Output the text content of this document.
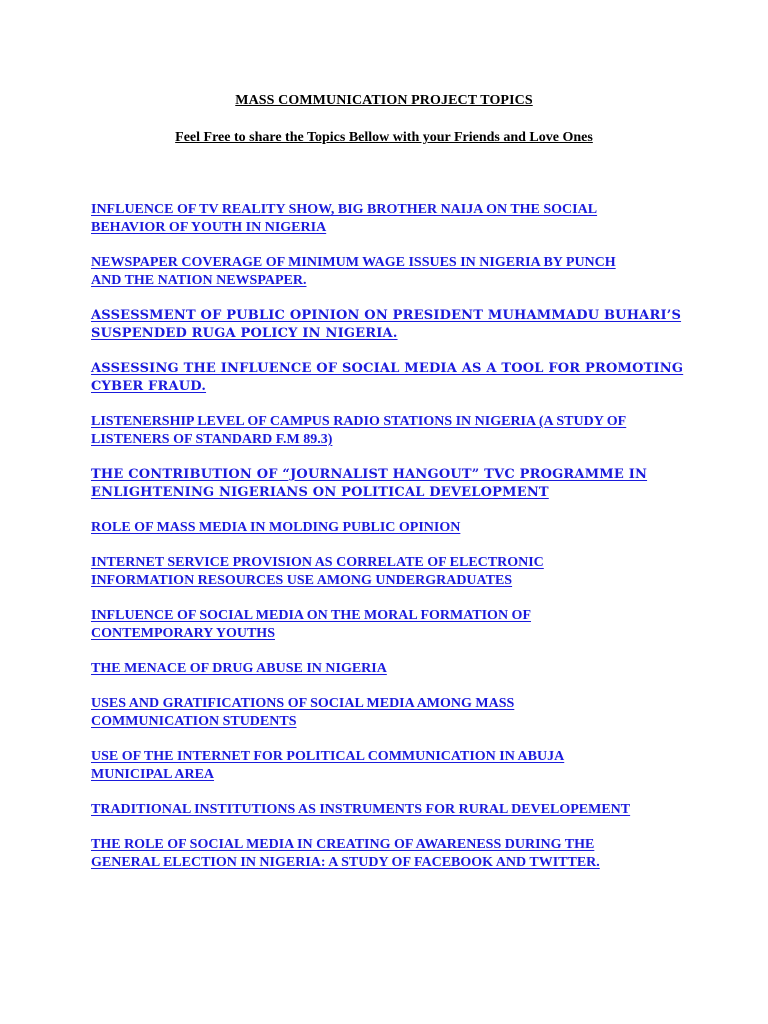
MASS COMMUNICATION PROJECT TOPICS
Feel Free to share the Topics Bellow with your Friends and Love Ones
INFLUENCE OF TV REALITY SHOW, BIG BROTHER NAIJA ON THE SOCIAL
BEHAVIOR OF YOUTH IN NIGERIA
NEWSPAPER COVERAGE OF MINIMUM WAGE ISSUES IN NIGERIA BY PUNCH
AND THE NATION NEWSPAPER.
ASSESSMENT OF PUBLIC OPINION ON PRESIDENT MUHAMMADU BUHARI’S
SUSPENDED RUGA POLICY IN NIGERIA.
ASSESSING THE INFLUENCE OF SOCIAL MEDIA AS A TOOL FOR PROMOTING
CYBER FRAUD.
LISTENERSHIP LEVEL OF CAMPUS RADIO STATIONS IN NIGERIA (A STUDY OF
LISTENERS OF STANDARD F.M 89.3)
THE CONTRIBUTION OF “JOURNALIST HANGOUT” TVC PROGRAMME IN
ENLIGHTENING NIGERIANS ON POLITICAL DEVELOPMENT
ROLE OF MASS MEDIA IN MOLDING PUBLIC OPINION
INTERNET SERVICE PROVISION AS CORRELATE OF ELECTRONIC
INFORMATION RESOURCES USE AMONG UNDERGRADUATES
INFLUENCE OF SOCIAL MEDIA ON THE MORAL FORMATION OF
CONTEMPORARY YOUTHS
THE MENACE OF DRUG ABUSE IN NIGERIA
USES AND GRATIFICATIONS OF SOCIAL MEDIA AMONG MASS
COMMUNICATION STUDENTS
USE OF THE INTERNET FOR POLITICAL COMMUNICATION IN ABUJA
MUNICIPAL AREA
TRADITIONAL INSTITUTIONS AS INSTRUMENTS FOR RURAL DEVELOPEMENT
THE ROLE OF SOCIAL MEDIA IN CREATING OF AWARENESS DURING THE
GENERAL ELECTION IN NIGERIA: A STUDY OF FACEBOOK AND TWITTER.
